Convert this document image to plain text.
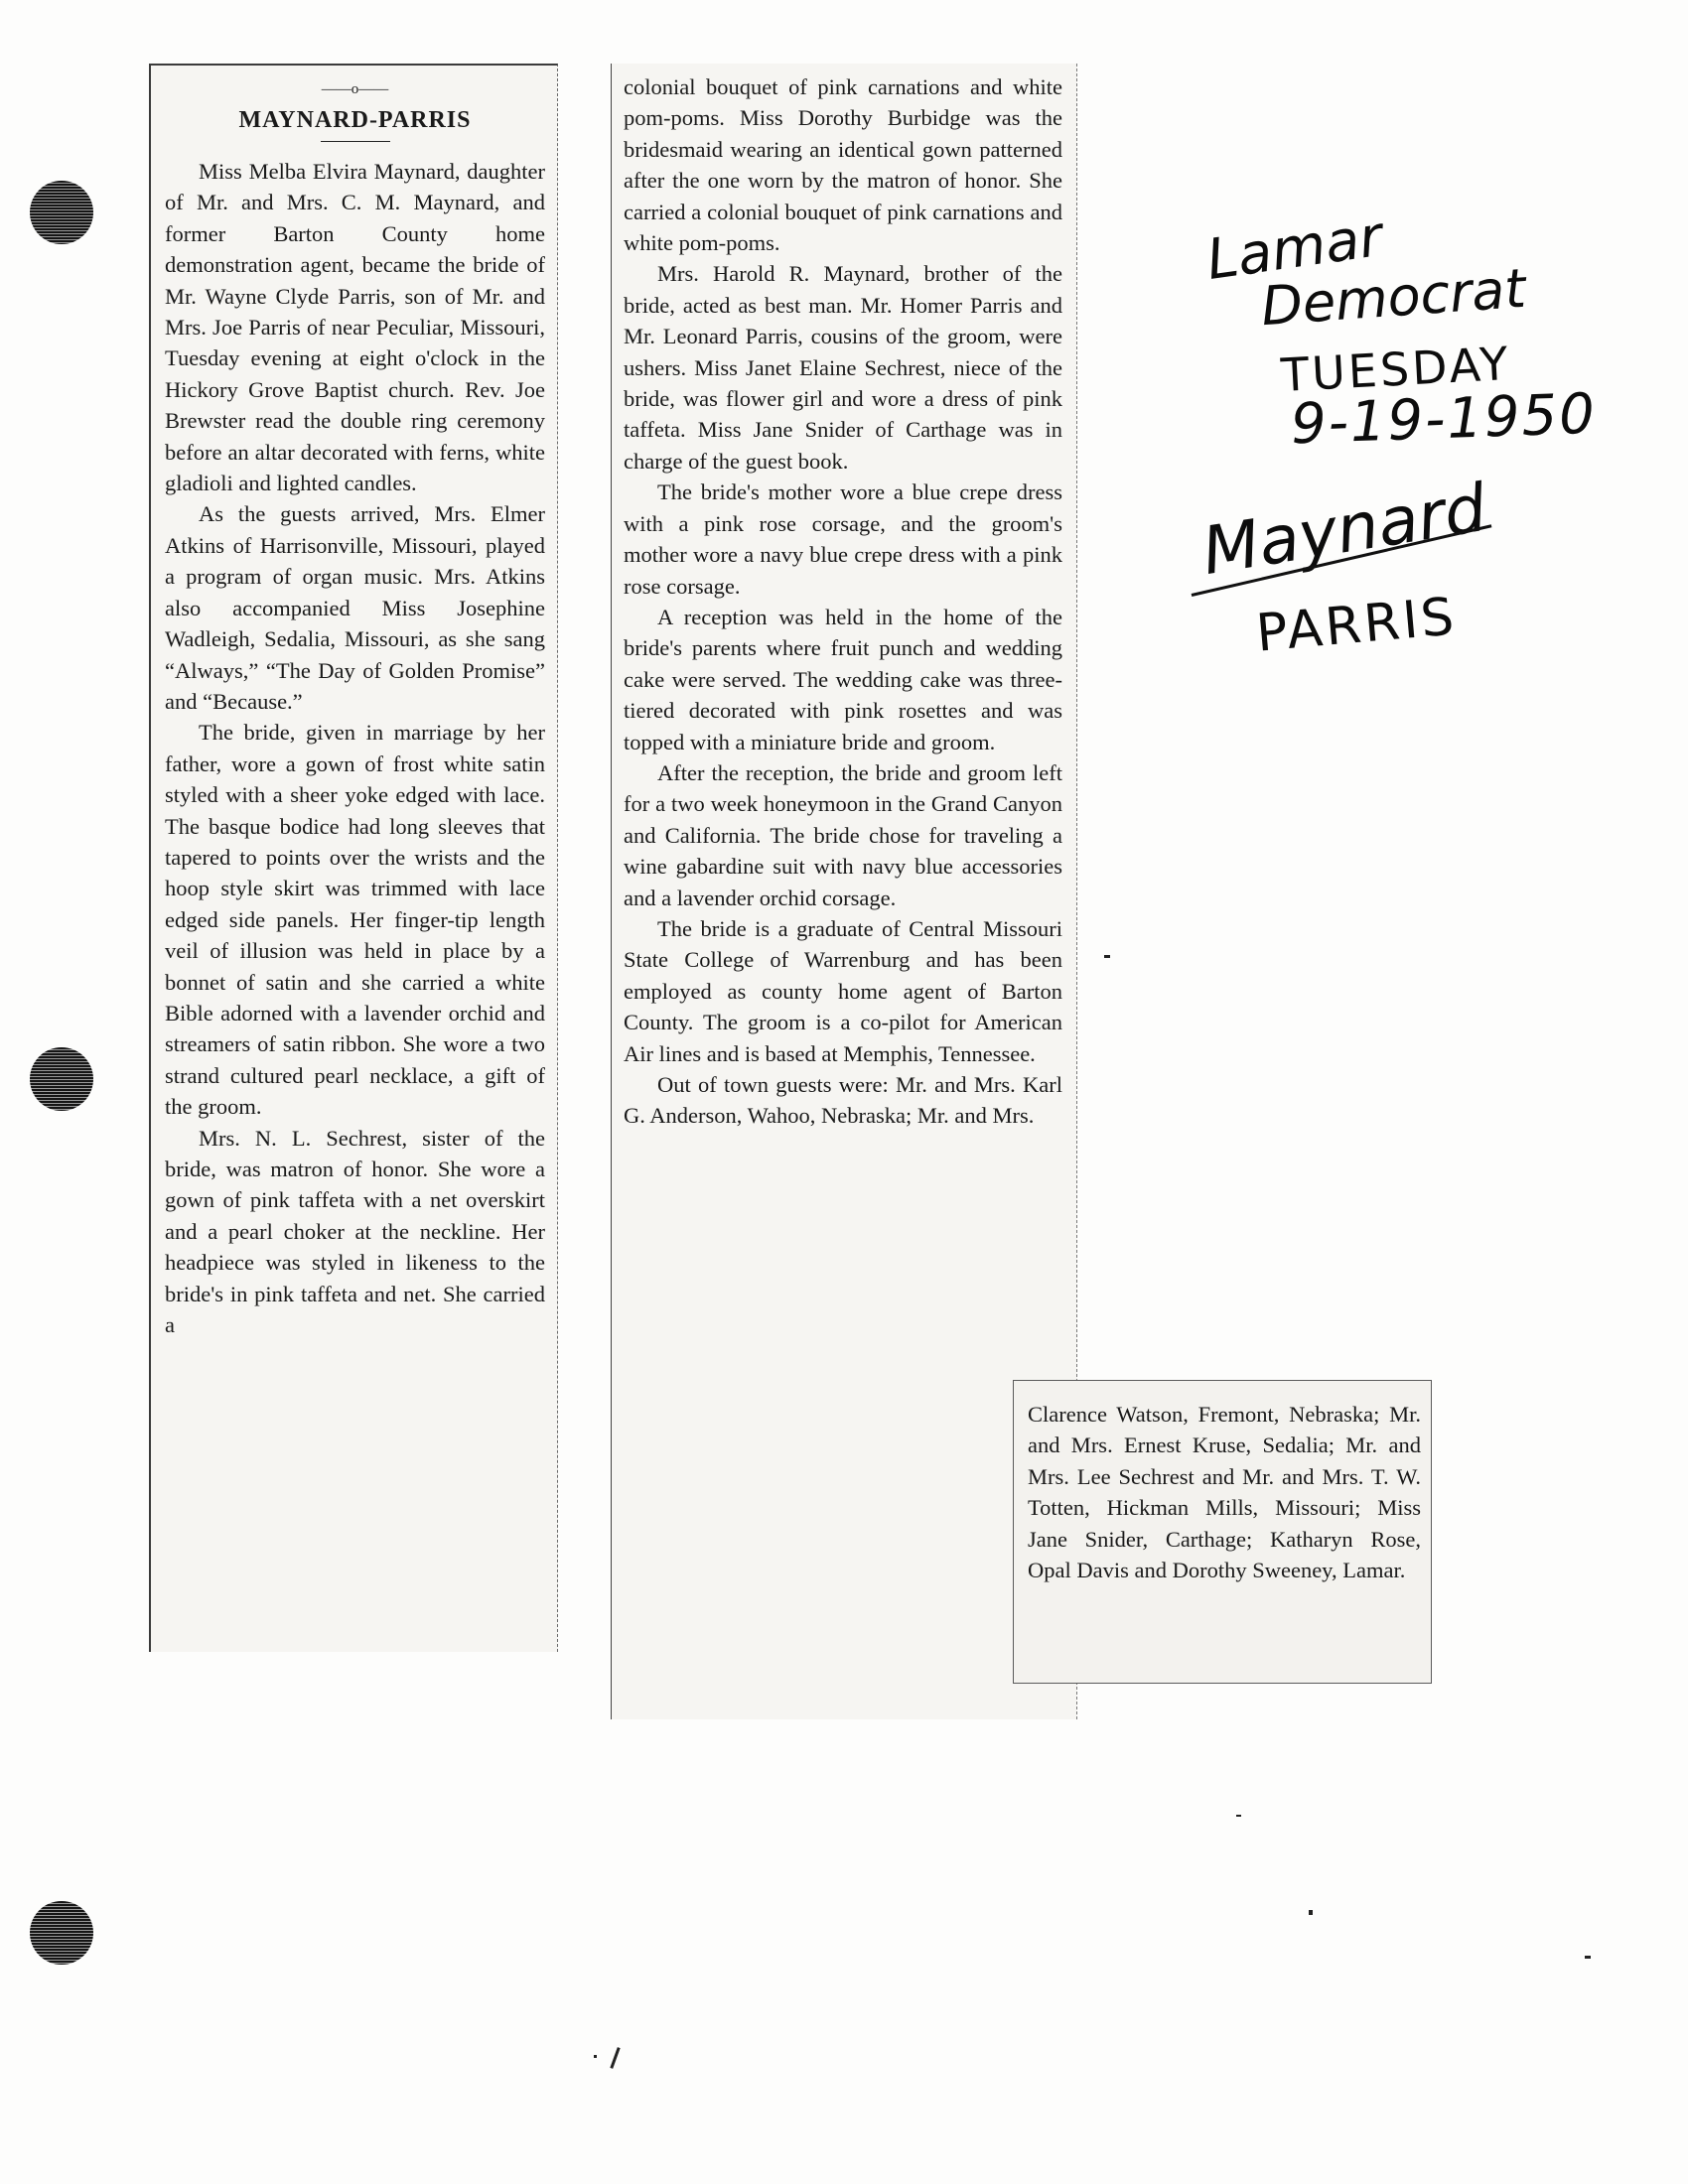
——o——
MAYNARD-PARRIS

Miss Melba Elvira Maynard, daughter of Mr. and Mrs. C. M. Maynard, and former Barton County home demonstration agent, became the bride of Mr. Wayne Clyde Parris, son of Mr. and Mrs. Joe Parris of near Peculiar, Missouri, Tuesday evening at eight o'clock in the Hickory Grove Baptist church. Rev. Joe Brewster read the double ring ceremony before an altar decorated with ferns, white gladioli and lighted candles.

As the guests arrived, Mrs. Elmer Atkins of Harrisonville, Missouri, played a program of organ music. Mrs. Atkins also accompanied Miss Josephine Wadleigh, Sedalia, Missouri, as she sang “Always,” “The Day of Golden Promise” and “Because.”

The bride, given in marriage by her father, wore a gown of frost white satin styled with a sheer yoke edged with lace. The basque bodice had long sleeves that tapered to points over the wrists and the hoop style skirt was trimmed with lace edged side panels. Her finger-tip length veil of illusion was held in place by a bonnet of satin and she carried a white Bible adorned with a lavender orchid and streamers of satin ribbon. She wore a two strand cultured pearl necklace, a gift of the groom.

Mrs. N. L. Sechrest, sister of the bride, was matron of honor. She wore a gown of pink taffeta with a net overskirt and a pearl choker at the neckline. Her headpiece was styled in likeness to the bride's in pink taffeta and net. She carried a

colonial bouquet of pink carnations and white pom-poms. Miss Dorothy Burbidge was the bridesmaid wearing an identical gown patterned after the one worn by the matron of honor. She carried a colonial bouquet of pink carnations and white pom-poms.

Mrs. Harold R. Maynard, brother of the bride, acted as best man. Mr. Homer Parris and Mr. Leonard Parris, cousins of the groom, were ushers. Miss Janet Elaine Sechrest, niece of the bride, was flower girl and wore a dress of pink taffeta. Miss Jane Snider of Carthage was in charge of the guest book.

The bride's mother wore a blue crepe dress with a pink rose corsage, and the groom's mother wore a navy blue crepe dress with a pink rose corsage.

A reception was held in the home of the bride's parents where fruit punch and wedding cake were served. The wedding cake was three-tiered decorated with pink rosettes and was topped with a miniature bride and groom.

After the reception, the bride and groom left for a two week honeymoon in the Grand Canyon and California. The bride chose for traveling a wine gabardine suit with navy blue accessories and a lavender orchid corsage.

The bride is a graduate of Central Missouri State College of Warrenburg and has been employed as county home agent of Barton County. The groom is a co-pilot for American Air lines and is based at Memphis, Tennessee.

Out of town guests were: Mr. and Mrs. Karl G. Anderson, Wahoo, Nebraska; Mr. and Mrs.

Clarence Watson, Fremont, Nebraska; Mr. and Mrs. Ernest Kruse, Sedalia; Mr. and Mrs. Lee Sechrest and Mr. and Mrs. T. W. Totten, Hickman Mills, Missouri; Miss Jane Snider, Carthage; Katharyn Rose, Opal Davis and Dorothy Sweeney, Lamar.

Lamar
Democrat
TUESDAY
9-19-1950
Maynard
PARRIS
